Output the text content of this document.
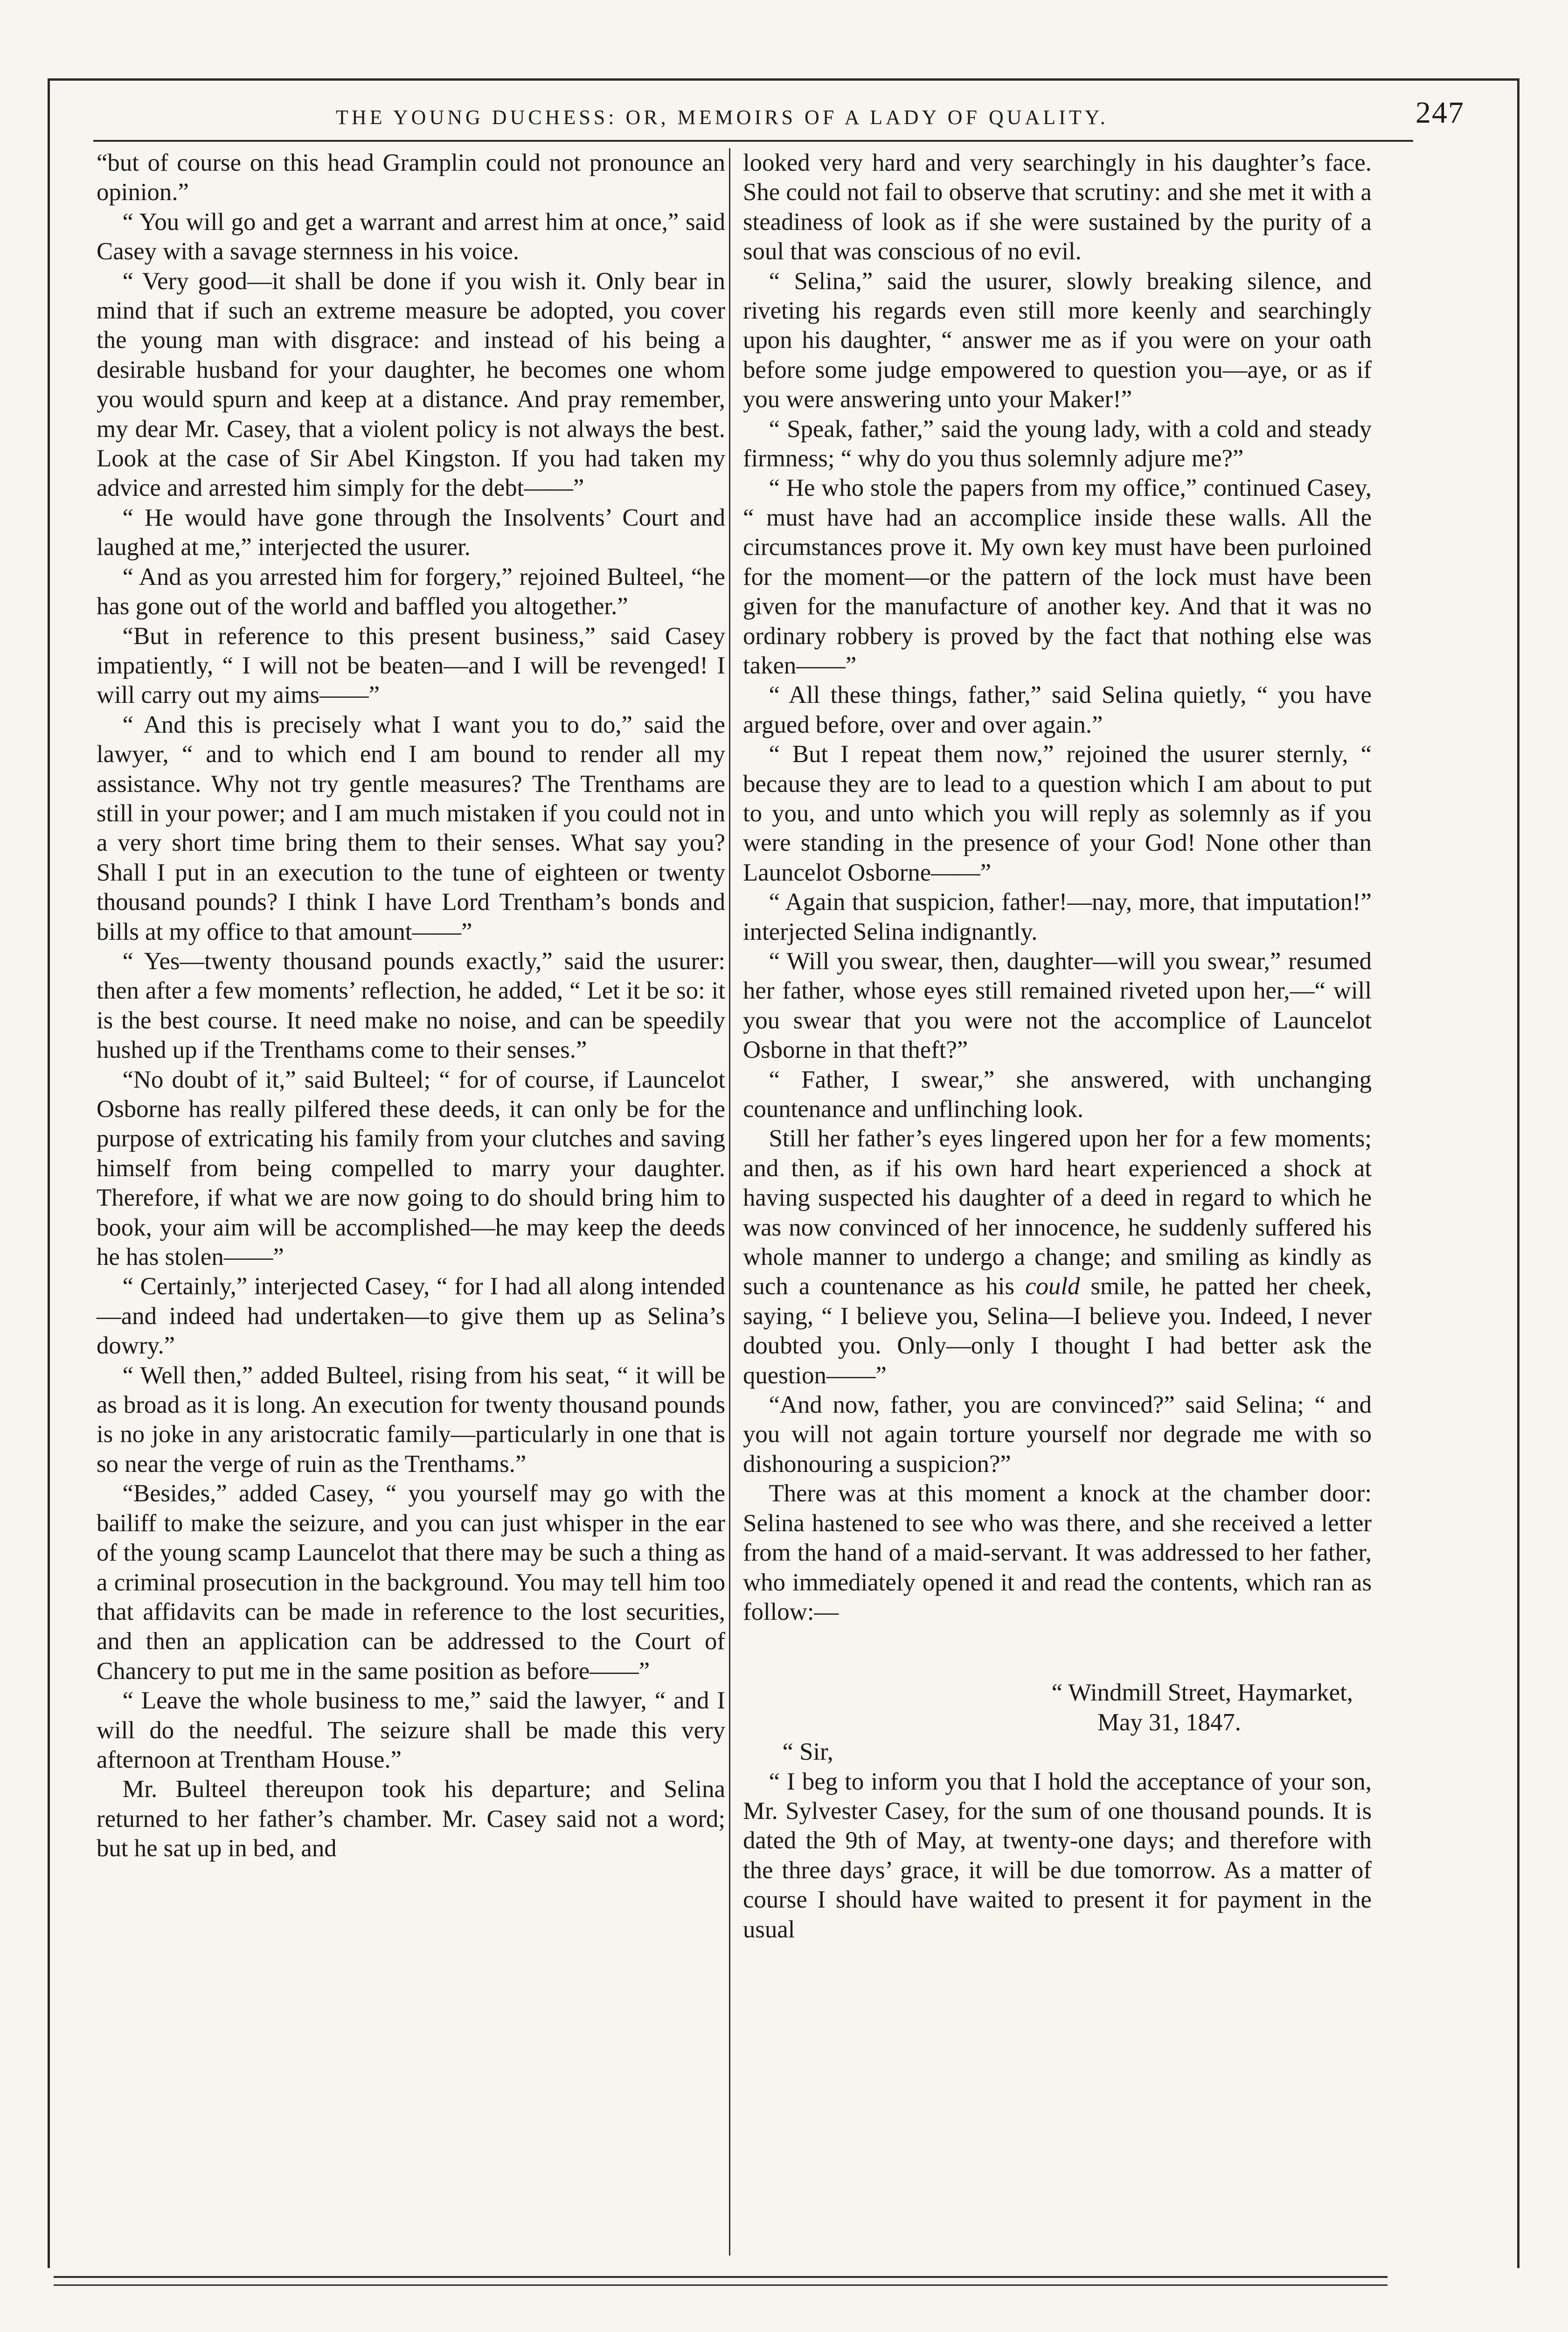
THE YOUNG DUCHESS: OR, MEMOIRS OF A LADY OF QUALITY.	247

“but of course on this head Gramplin could not pronounce an opinion.”

“ You will go and get a warrant and arrest him at once,” said Casey with a savage sternness in his voice.

“ Very good—it shall be done if you wish it. Only bear in mind that if such an extreme measure be adopted, you cover the young man with disgrace: and instead of his being a desirable husband for your daughter, he becomes one whom you would spurn and keep at a distance. And pray remember, my dear Mr. Casey, that a violent policy is not always the best. Look at the case of Sir Abel Kingston. If you had taken my advice and arrested him simply for the debt——”

“ He would have gone through the Insolvents’ Court and laughed at me,” interjected the usurer.

“ And as you arrested him for forgery,” rejoined Bulteel, “he has gone out of the world and baffled you altogether.”

“But in reference to this present business,” said Casey impatiently, “ I will not be beaten—and I will be revenged! I will carry out my aims——”

“ And this is precisely what I want you to do,” said the lawyer, “ and to which end I am bound to render all my assistance. Why not try gentle measures? The Trenthams are still in your power; and I am much mistaken if you could not in a very short time bring them to their senses. What say you? Shall I put in an execution to the tune of eighteen or twenty thousand pounds? I think I have Lord Trentham’s bonds and bills at my office to that amount——”

“ Yes—twenty thousand pounds exactly,” said the usurer: then after a few moments’ reflection, he added, “ Let it be so: it is the best course. It need make no noise, and can be speedily hushed up if the Trenthams come to their senses.”

“No doubt of it,” said Bulteel; “ for of course, if Launcelot Osborne has really pilfered these deeds, it can only be for the purpose of extricating his family from your clutches and saving himself from being compelled to marry your daughter. Therefore, if what we are now going to do should bring him to book, your aim will be accomplished—he may keep the deeds he has stolen——”

“ Certainly,” interjected Casey, “ for I had all along intended—and indeed had undertaken—to give them up as Selina’s dowry.”

“ Well then,” added Bulteel, rising from his seat, “ it will be as broad as it is long. An execution for twenty thousand pounds is no joke in any aristocratic family—particularly in one that is so near the verge of ruin as the Trenthams.”

“Besides,” added Casey, “ you yourself may go with the bailiff to make the seizure, and you can just whisper in the ear of the young scamp Launcelot that there may be such a thing as a criminal prosecution in the background. You may tell him too that affidavits can be made in reference to the lost securities, and then an application can be addressed to the Court of Chancery to put me in the same position as before——”

“ Leave the whole business to me,” said the lawyer, “ and I will do the needful. The seizure shall be made this very afternoon at Trentham House.”

Mr. Bulteel thereupon took his departure; and Selina returned to her father’s chamber. Mr. Casey said not a word; but he sat up in bed, and

looked very hard and very searchingly in his daughter’s face. She could not fail to observe that scrutiny: and she met it with a steadiness of look as if she were sustained by the purity of a soul that was conscious of no evil.

“ Selina,” said the usurer, slowly breaking silence, and riveting his regards even still more keenly and searchingly upon his daughter, “ answer me as if you were on your oath before some judge empowered to question you—aye, or as if you were answering unto your Maker!”

“ Speak, father,” said the young lady, with a cold and steady firmness; “ why do you thus solemnly adjure me?”

“ He who stole the papers from my office,” continued Casey, “ must have had an accomplice inside these walls. All the circumstances prove it. My own key must have been purloined for the moment—or the pattern of the lock must have been given for the manufacture of another key. And that it was no ordinary robbery is proved by the fact that nothing else was taken——”

“ All these things, father,” said Selina quietly, “ you have argued before, over and over again.”

“ But I repeat them now,” rejoined the usurer sternly, “ because they are to lead to a question which I am about to put to you, and unto which you will reply as solemnly as if you were standing in the presence of your God! None other than Launcelot Osborne——”

“ Again that suspicion, father!—nay, more, that imputation!” interjected Selina indignantly.

“ Will you swear, then, daughter—will you swear,” resumed her father, whose eyes still remained riveted upon her,—“ will you swear that you were not the accomplice of Launcelot Osborne in that theft?”

“ Father, I swear,” she answered, with unchanging countenance and unflinching look.

Still her father’s eyes lingered upon her for a few moments; and then, as if his own hard heart experienced a shock at having suspected his daughter of a deed in regard to which he was now convinced of her innocence, he suddenly suffered his whole manner to undergo a change; and smiling as kindly as such a countenance as his could smile, he patted her cheek, saying, “ I believe you, Selina—I believe you. Indeed, I never doubted you. Only—only I thought I had better ask the question——”

“And now, father, you are convinced?” said Selina; “ and you will not again torture yourself nor degrade me with so dishonouring a suspicion?”

There was at this moment a knock at the chamber door: Selina hastened to see who was there, and she received a letter from the hand of a maid-servant. It was addressed to her father, who immediately opened it and read the contents, which ran as follow:—

“ Windmill Street, Haymarket,

May 31, 1847.

“ Sir,

“ I beg to inform you that I hold the acceptance of your son, Mr. Sylvester Casey, for the sum of one thousand pounds. It is dated the 9th of May, at twenty-one days; and therefore with the three days’ grace, it will be due tomorrow. As a matter of course I should have waited to present it for payment in the usual
